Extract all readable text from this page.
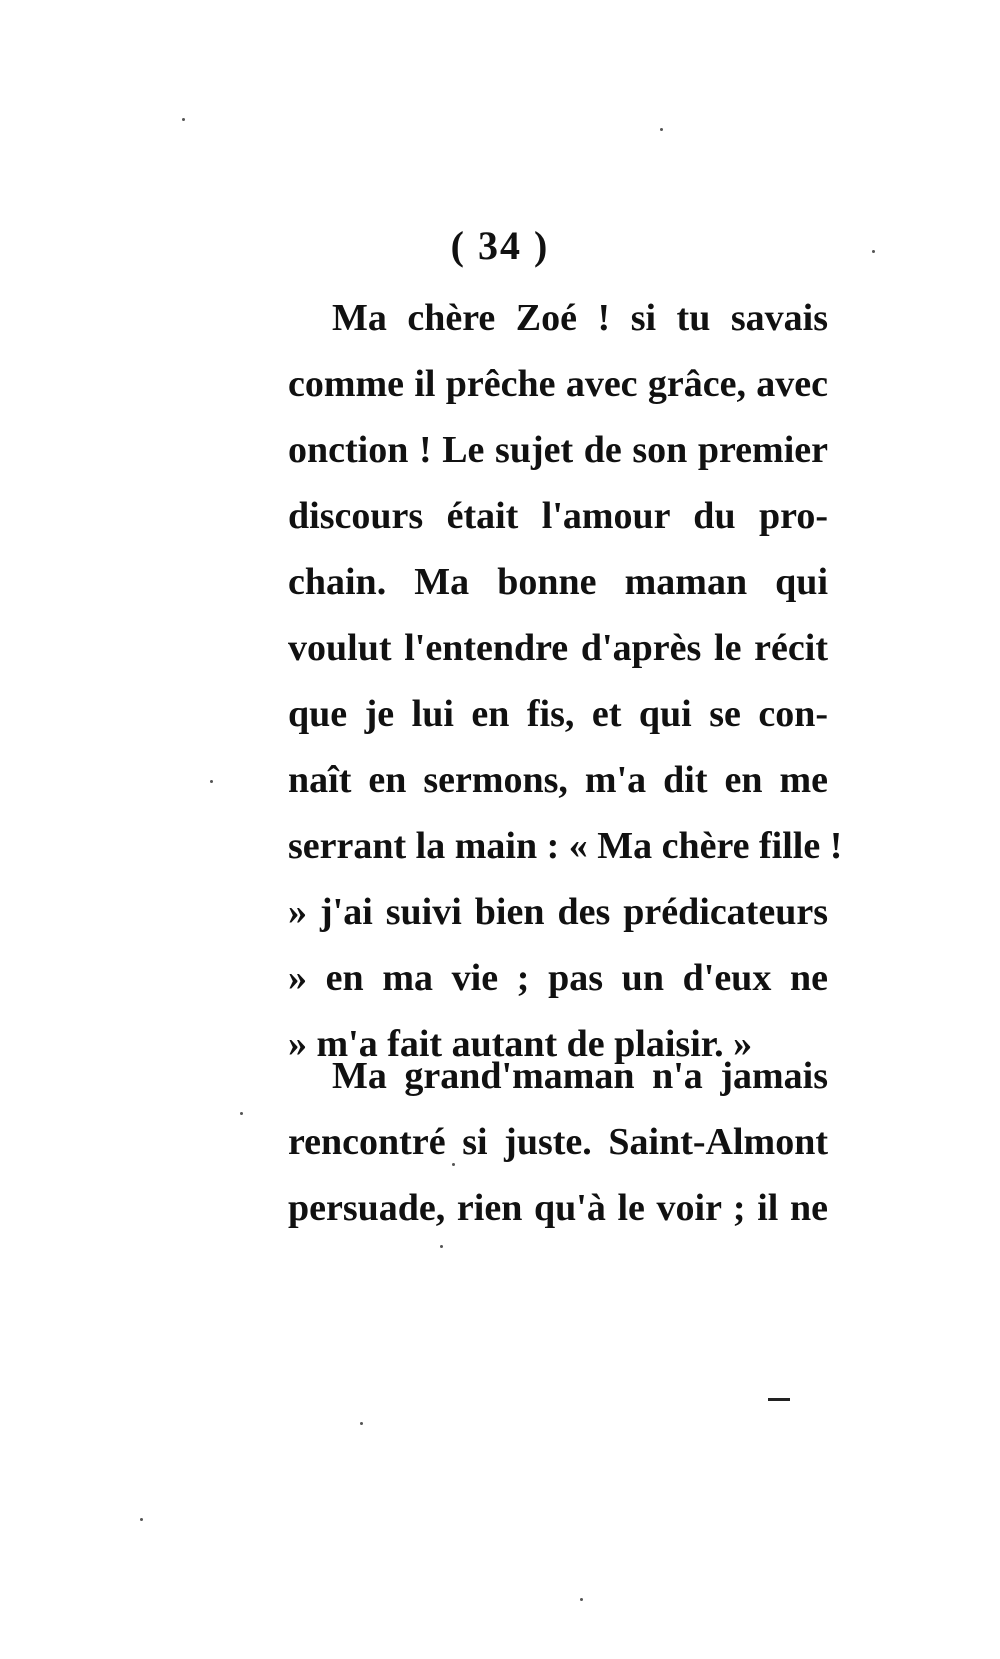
( 34 )
Ma chère Zoé ! si tu savais
comme il prêche avec grâce, avec
onction ! Le sujet de son premier
discours était l'amour du pro-
chain. Ma bonne maman qui
voulut l'entendre d'après le récit
que je lui en fis, et qui se con-
naît en sermons, m'a dit en me
serrant la main : « Ma chère fille !
» j'ai suivi bien des prédicateurs
» en ma vie ; pas un d'eux ne
» m'a fait autant de plaisir. »
Ma grand'maman n'a jamais
rencontré si juste. Saint-Almont
persuade, rien qu'à le voir ; il ne
